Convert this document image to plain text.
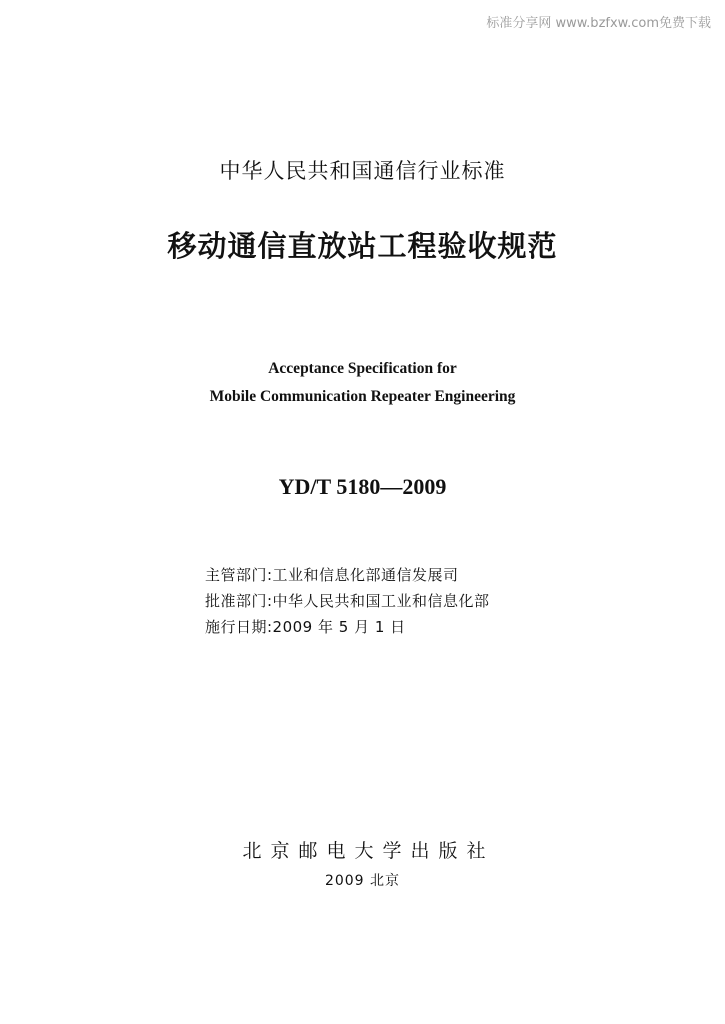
标准分享网 www.bzfxw.com免费下载
中华人民共和国通信行业标准
移动通信直放站工程验收规范
Acceptance Specification for
Mobile Communication Repeater Engineering
YD/T 5180—2009
主管部门:工业和信息化部通信发展司
批准部门:中华人民共和国工业和信息化部
施行日期:2009 年 5 月 1 日
北京邮电大学出版社
2009 北京
